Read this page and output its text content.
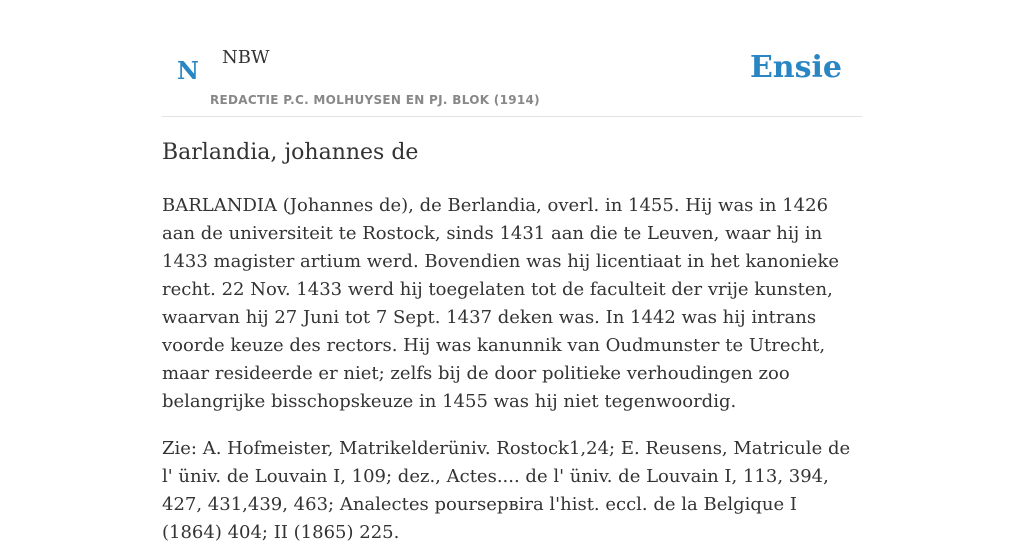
N NBW
REDACTIE P.C. MOLHUYSEN EN PJ. BLOK (1914)
Ensie
Barlandia, johannes de

BARLANDIA (Johannes de), de Berlandia, overl. in 1455. Hij was in 1426 aan de universiteit te Rostock, sinds 1431 aan die te Leuven, waar hij in 1433 magister artium werd. Bovendien was hij licentiaat in het kanonieke recht. 22 Nov. 1433 werd hij toegelaten tot de faculteit der vrije kunsten, waarvan hij 27 Juni tot 7 Sept. 1437 deken was. In 1442 was hij intrans voorde keuze des rectors. Hij was kanunnik van Oudmunster te Utrecht, maar resideerde er niet; zelfs bij de door politieke verhoudingen zoo belangrijke bisschopskeuze in 1455 was hij niet tegenwoordig.

Zie: A. Hofmeister, Matrikelderüniv. Rostock1,24; E. Reusens, Matricule de l' üniv. de Louvain I, 109; dez., Actes.... de l' üniv. de Louvain I, 113, 394, 427, 431,439, 463; Analectes poursервira l'hist. eccl. de la Belgique I (1864) 404; II (1865) 225.
